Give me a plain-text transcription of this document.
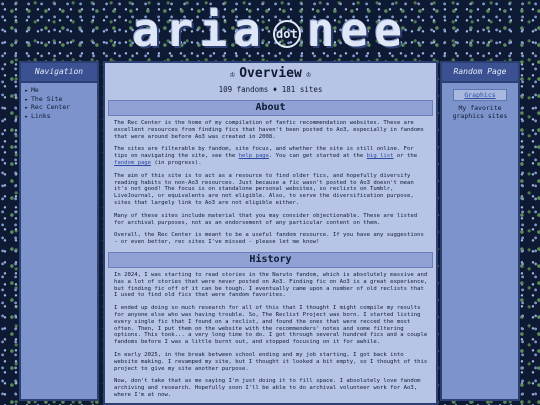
aria dot nee
Navigation
► Me
► The Site
► Rec Center
► Links
♔ Overview ♔
109 fandoms ♦ 181 sites
About

The Rec Center is the home of my compilation of fanfic recommendation websites. These are excellent resources from finding fics that haven't been posted to Ao3, especially in fandoms that were around before Ao3 was created in 2008.

The sites are filterable by fandom, site focus, and whether the site is still online. For tips on navigating the site, see the help page. You can get started at the big list or the fandom page (in progress).

The aim of this site is to act as a resource to find older fics, and hopefully diversify reading habits to non-Ao3 resources. Just because a fic wasn't posted to Ao3 doesn't mean it's not good! The focus is on standalone personal websites, so reclists on Tumblr, LiveJournal, or equivalents are not eligible. Also, to serve the diversification purpose, sites that largely link to Ao3 are not eligible either.

Many of these sites include material that you may consider objectionable. These are listed for archival purposes, not as an endorsement of any particular content on them.

Overall, the Rec Center is meant to be a useful fandom resource. If you have any suggestions - or even better, rec sites I've missed - please let me know!

History

In 2024, I was starting to read stories in the Naruto fandom, which is absolutely massive and has a lot of stories that were never posted on Ao3. Finding fic on Ao3 is a great experience, but finding fic off of it can be tough. I eventually came upon a number of old reclists that I used to find old fics that were fandom favorites.

I ended up doing so much research for all of this that I thought I might compile my results for anyone else who was having trouble. So, The Reclist Project was born. I started listing every single fic that I found on a reclist, and found the ones that were recced the most often. Then, I put them on the website with the recommenders' notes and some filtering options. This took... a very long time to do. I got through several hundred fics and a couple fandoms before I was a little burnt out, and stopped focusing on it for awhile.

In early 2025, in the break between school ending and my job starting, I got back into website making. I revamped my site, but I thought it looked a bit empty, so I thought of this project to give my site another purpose.

Now, don't take that as me saying I'm just doing it to fill space. I absolutely love fandom archiving and research. Hopefully soon I'll be able to do archival volunteer work for Ao3, where I'm at now.

Random Page
Graphics
My favorite graphics sites
